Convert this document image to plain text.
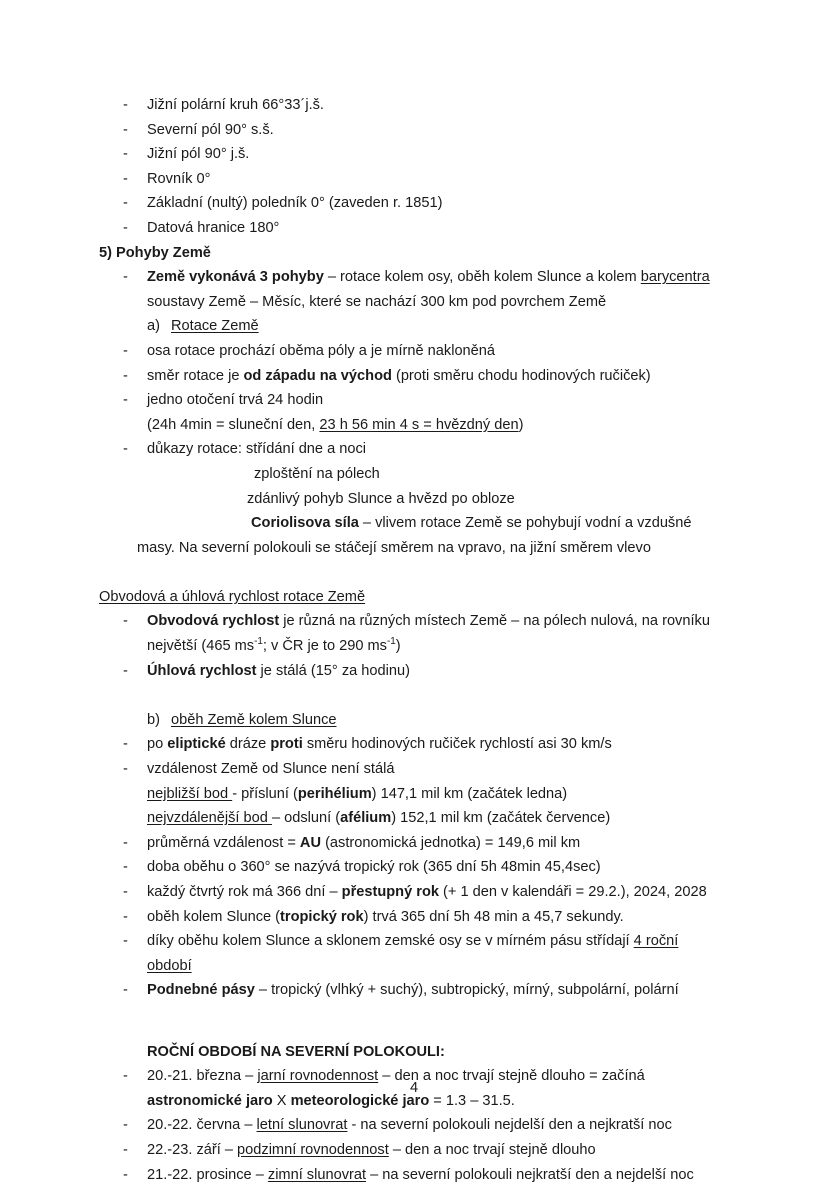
-	Jižní polární kruh 66°33´j.š.
-	Severní pól 90° s.š.
-	Jižní pól 90° j.š.
-	Rovník 0°
-	Základní (nultý) poledník 0° (zaveden r. 1851)
-	Datová hranice 180°
5) Pohyby Země
-	Země vykonává 3 pohyby – rotace kolem osy, oběh kolem Slunce a kolem barycentra
soustavy Země – Měsíc, které se nachází 300 km pod povrchem Země
a) Rotace Země
-	osa rotace prochází oběma póly a je mírně nakloněná
-	směr rotace je od západu na východ (proti směru chodu hodinových ručiček)
-	jedno otočení trvá 24 hodin
(24h 4min = sluneční den, 23 h 56 min 4 s = hvězdný den)
-	důkazy rotace: střídání dne a noci
zploštění na pólech
zdánlivý pohyb Slunce a hvězd po obloze
Coriolisova síla – vlivem rotace Země se pohybují vodní a vzdušné
masy. Na severní polokouli se stáčejí směrem na vpravo, na jižní směrem vlevo
Obvodová a úhlová rychlost rotace Země
-	Obvodová rychlost je různá na různých místech Země – na pólech nulová, na rovníku
největší (465 $ms^{-1}$; v ČR je to 290 $ms^{-1}$)
-	Úhlová rychlost je stálá (15° za hodinu)
b) oběh Země kolem Slunce
-	po eliptické dráze proti směru hodinových ručiček rychlostí asi 30 km/s
-	vzdálenost Země od Slunce není stálá
nejbližší bod - přísluní (perihélium) 147,1 mil km (začátek ledna)
nejvzdálenější bod – odsluní (afélium) 152,1 mil km (začátek července)
-	průměrná vzdálenost = AU (astronomická jednotka) = 149,6 mil km
-	doba oběhu o 360° se nazývá tropický rok (365 dní 5h 48min 45,4sec)
-	každý čtvrtý rok má 366 dní – přestupný rok (+ 1 den v kalendáři = 29.2.), 2024, 2028
-	oběh kolem Slunce (tropický rok) trvá 365 dní 5h 48 min a 45,7 sekundy.
-	díky oběhu kolem Slunce a sklonem zemské osy se v mírném pásu střídají 4 roční
období
-	Podnebné pásy – tropický (vlhký + suchý), subtropický, mírný, subpolární, polární
ROČNÍ OBDOBÍ NA SEVERNÍ POLOKOULI:
-	20.-21. března – jarní rovnodennost – den a noc trvají stejně dlouho = začíná
astronomické jaro X meteorologické jaro = 1.3 – 31.5.
-	20.-22. června – letní slunovrat - na severní polokouli nejdelší den a nejkratší noc
-	22.-23. září – podzimní rovnodennost – den a noc trvají stejně dlouho
-	21.-22. prosince – zimní slunovrat – na severní polokouli nejkratší den a nejdelší noc
4
